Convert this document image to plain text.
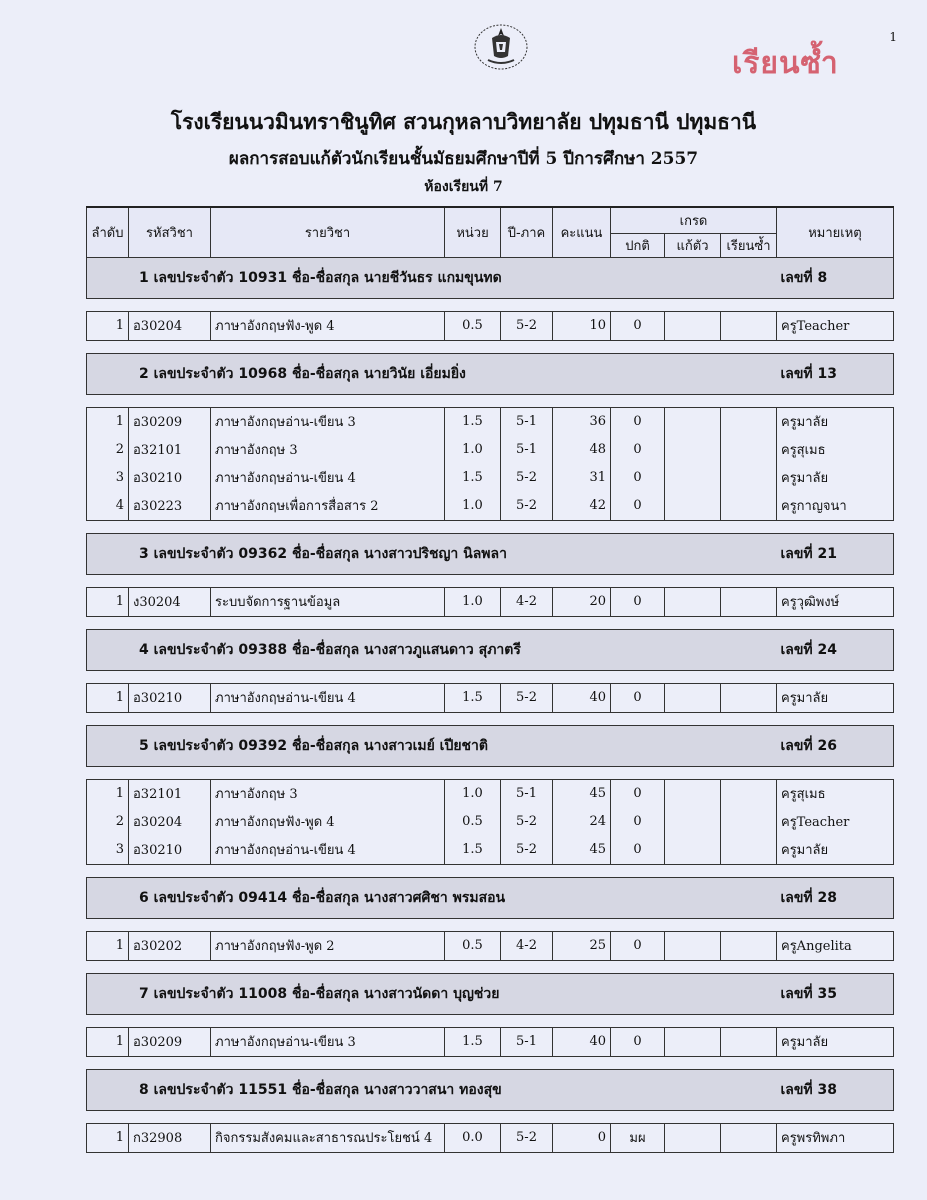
1
เรียนซ้ำ
โรงเรียนนวมินทราชินูทิศ สวนกุหลาบวิทยาลัย ปทุมธานี ปทุมธานี
ผลการสอบแก้ตัวนักเรียนชั้นมัธยมศึกษาปีที่ 5 ปีการศึกษา 2557
ห้องเรียนที่ 7
ลำดับ	รหัสวิชา	รายวิชา	หน่วย	ปี-ภาค	คะแนน	เกรด			หมายเหตุ
						ปกติ	แก้ตัว	เรียนซ้ำ	
1 เลขประจำตัว 10931 ชื่อ-ชื่อสกุล นายชีวันธร แกมขุนทด									เลขที่ 8

1	อ30204	ภาษาอังกฤษฟัง-พูด 4	0.5	5-2	10	0			ครูTeacher

2 เลขประจำตัว 10968 ชื่อ-ชื่อสกุล นายวินัย เอี่ยมยิ่ง									เลขที่ 13

1	อ30209	ภาษาอังกฤษอ่าน-เขียน 3	1.5	5-1	36	0			ครูมาลัย
2	อ32101	ภาษาอังกฤษ 3	1.0	5-1	48	0			ครูสุเมธ
3	อ30210	ภาษาอังกฤษอ่าน-เขียน 4	1.5	5-2	31	0			ครูมาลัย
4	อ30223	ภาษาอังกฤษเพื่อการสื่อสาร 2	1.0	5-2	42	0			ครูกาญจนา

3 เลขประจำตัว 09362 ชื่อ-ชื่อสกุล นางสาวปริชญา นิลพลา									เลขที่ 21

1	ง30204	ระบบจัดการฐานข้อมูล	1.0	4-2	20	0			ครูวุฒิพงษ์

4 เลขประจำตัว 09388 ชื่อ-ชื่อสกุล นางสาวภูแสนดาว สุภาตรี									เลขที่ 24

1	อ30210	ภาษาอังกฤษอ่าน-เขียน 4	1.5	5-2	40	0			ครูมาลัย

5 เลขประจำตัว 09392 ชื่อ-ชื่อสกุล นางสาวเมย์ เปียชาติ									เลขที่ 26

1	อ32101	ภาษาอังกฤษ 3	1.0	5-1	45	0			ครูสุเมธ
2	อ30204	ภาษาอังกฤษฟัง-พูด 4	0.5	5-2	24	0			ครูTeacher
3	อ30210	ภาษาอังกฤษอ่าน-เขียน 4	1.5	5-2	45	0			ครูมาลัย

6 เลขประจำตัว 09414 ชื่อ-ชื่อสกุล นางสาวศศิชา พรมสอน									เลขที่ 28

1	อ30202	ภาษาอังกฤษฟัง-พูด 2	0.5	4-2	25	0			ครูAngelita

7 เลขประจำตัว 11008 ชื่อ-ชื่อสกุล นางสาวนัดดา บุญช่วย									เลขที่ 35

1	อ30209	ภาษาอังกฤษอ่าน-เขียน 3	1.5	5-1	40	0			ครูมาลัย

8 เลขประจำตัว 11551 ชื่อ-ชื่อสกุล นางสาววาสนา ทองสุข									เลขที่ 38

1	ก32908	กิจกรรมสังคมและสาธารณประโยชน์ 4	0.0	5-2	0	มผ			ครูพรทิพภา
